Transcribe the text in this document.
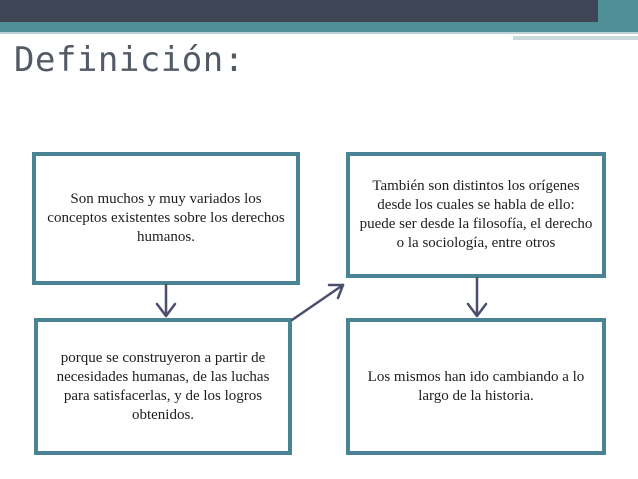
Definición:
Son muchos y muy variados los conceptos existentes sobre los derechos humanos.
También son distintos los orígenes desde los cuales se habla de ello: puede ser desde la filosofía, el derecho o la sociología, entre otros
porque se construyeron a partir de necesidades humanas, de las luchas para satisfacerlas, y de los logros obtenidos.
Los mismos han ido cambiando a lo largo de la historia.
